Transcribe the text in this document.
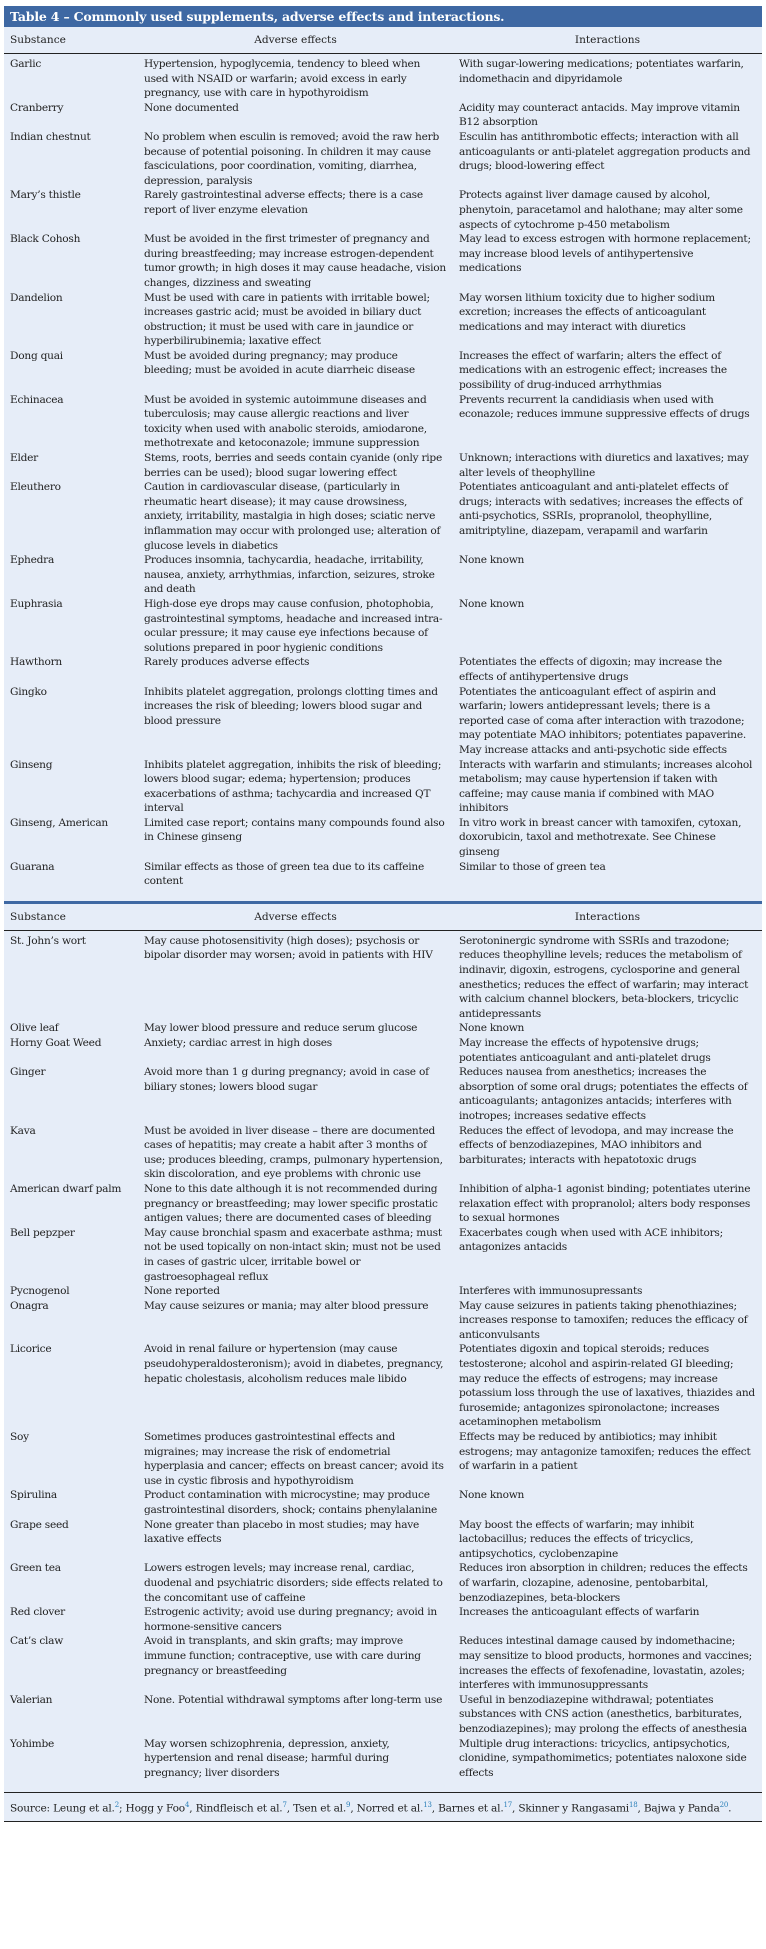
Table 4 – Commonly used supplements, adverse effects and interactions.
Substance	Adverse effects	Interactions
Garlic	Hypertension, hypoglycemia, tendency to bleed when used with NSAID or warfarin; avoid excess in early pregnancy, use with care in hypothyroidism	With sugar-lowering medications; potentiates warfarin, indomethacin and dipyridamole
Cranberry	None documented	Acidity may counteract antacids. May improve vitamin B12 absorption
Indian chestnut	No problem when esculin is removed; avoid the raw herb because of potential poisoning. In children it may cause fasciculations, poor coordination, vomiting, diarrhea, depression, paralysis	Esculin has antithrombotic effects; interaction with all anticoagulants or anti-platelet aggregation products and drugs; blood-lowering effect
Mary’s thistle	Rarely gastrointestinal adverse effects; there is a case report of liver enzyme elevation	Protects against liver damage caused by alcohol, phenytoin, paracetamol and halothane; may alter some aspects of cytochrome p-450 metabolism
Black Cohosh	Must be avoided in the first trimester of pregnancy and during breastfeeding; may increase estrogen-dependent tumor growth; in high doses it may cause headache, vision changes, dizziness and sweating	May lead to excess estrogen with hormone replacement; may increase blood levels of antihypertensive medications
Dandelion	Must be used with care in patients with irritable bowel; increases gastric acid; must be avoided in biliary duct obstruction; it must be used with care in jaundice or hyperbilirubinemia; laxative effect	May worsen lithium toxicity due to higher sodium excretion; increases the effects of anticoagulant medications and may interact with diuretics
Dong quai	Must be avoided during pregnancy; may produce bleeding; must be avoided in acute diarrheic disease	Increases the effect of warfarin; alters the effect of medications with an estrogenic effect; increases the possibility of drug-induced arrhythmias
Echinacea	Must be avoided in systemic autoimmune diseases and tuberculosis; may cause allergic reactions and liver toxicity when used with anabolic steroids, amiodarone, methotrexate and ketoconazole; immune suppression	Prevents recurrent la candidiasis when used with econazole; reduces immune suppressive effects of drugs
Elder	Stems, roots, berries and seeds contain cyanide (only ripe berries can be used); blood sugar lowering effect	Unknown; interactions with diuretics and laxatives; may alter levels of theophylline
Eleuthero	Caution in cardiovascular disease, (particularly in rheumatic heart disease); it may cause drowsiness, anxiety, irritability, mastalgia in high doses; sciatic nerve inflammation may occur with prolonged use; alteration of glucose levels in diabetics	Potentiates anticoagulant and anti-platelet effects of drugs; interacts with sedatives; increases the effects of anti-psychotics, SSRIs, propranolol, theophylline, amitriptyline, diazepam, verapamil and warfarin
Ephedra	Produces insomnia, tachycardia, headache, irritability, nausea, anxiety, arrhythmias, infarction, seizures, stroke and death	None known
Euphrasia	High-dose eye drops may cause confusion, photophobia, gastrointestinal symptoms, headache and increased intra-ocular pressure; it may cause eye infections because of solutions prepared in poor hygienic conditions	None known
Hawthorn	Rarely produces adverse effects	Potentiates the effects of digoxin; may increase the effects of antihypertensive drugs
Gingko	Inhibits platelet aggregation, prolongs clotting times and increases the risk of bleeding; lowers blood sugar and blood pressure	Potentiates the anticoagulant effect of aspirin and warfarin; lowers antidepressant levels; there is a reported case of coma after interaction with trazodone; may potentiate MAO inhibitors; potentiates papaverine. May increase attacks and anti-psychotic side effects
Ginseng	Inhibits platelet aggregation, inhibits the risk of bleeding; lowers blood sugar; edema; hypertension; produces exacerbations of asthma; tachycardia and increased QT interval	Interacts with warfarin and stimulants; increases alcohol metabolism; may cause hypertension if taken with caffeine; may cause mania if combined with MAO inhibitors
Ginseng, American	Limited case report; contains many compounds found also in Chinese ginseng	In vitro work in breast cancer with tamoxifen, cytoxan, doxorubicin, taxol and methotrexate. See Chinese ginseng
Guarana	Similar effects as those of green tea due to its caffeine content	Similar to those of green tea
Substance	Adverse effects	Interactions
St. John’s wort	May cause photosensitivity (high doses); psychosis or bipolar disorder may worsen; avoid in patients with HIV	Serotoninergic syndrome with SSRIs and trazodone; reduces theophylline levels; reduces the metabolism of indinavir, digoxin, estrogens, cyclosporine and general anesthetics; reduces the effect of warfarin; may interact with calcium channel blockers, beta-blockers, tricyclic antidepressants
Olive leaf	May lower blood pressure and reduce serum glucose	None known
Horny Goat Weed	Anxiety; cardiac arrest in high doses	May increase the effects of hypotensive drugs; potentiates anticoagulant and anti-platelet drugs
Ginger	Avoid more than 1 g during pregnancy; avoid in case of biliary stones; lowers blood sugar	Reduces nausea from anesthetics; increases the absorption of some oral drugs; potentiates the effects of anticoagulants; antagonizes antacids; interferes with inotropes; increases sedative effects
Kava	Must be avoided in liver disease – there are documented cases of hepatitis; may create a habit after 3 months of use; produces bleeding, cramps, pulmonary hypertension, skin discoloration, and eye problems with chronic use	Reduces the effect of levodopa, and may increase the effects of benzodiazepines, MAO inhibitors and barbiturates; interacts with hepatotoxic drugs
American dwarf palm	None to this date although it is not recommended during pregnancy or breastfeeding; may lower specific prostatic antigen values; there are documented cases of bleeding	Inhibition of alpha-1 agonist binding; potentiates uterine relaxation effect with propranolol; alters body responses to sexual hormones
Bell pepzper	May cause bronchial spasm and exacerbate asthma; must not be used topically on non-intact skin; must not be used in cases of gastric ulcer, irritable bowel or gastroesophageal reflux	Exacerbates cough when used with ACE inhibitors; antagonizes antacids
Pycnogenol	None reported	Interferes with immunosupressants
Onagra	May cause seizures or mania; may alter blood pressure	May cause seizures in patients taking phenothiazines; increases response to tamoxifen; reduces the efficacy of anticonvulsants
Licorice	Avoid in renal failure or hypertension (may cause pseudohyperaldosteronism); avoid in diabetes, pregnancy, hepatic cholestasis, alcoholism reduces male libido	Potentiates digoxin and topical steroids; reduces testosterone; alcohol and aspirin-related GI bleeding; may reduce the effects of estrogens; may increase potassium loss through the use of laxatives, thiazides and furosemide; antagonizes spironolactone; increases acetaminophen metabolism
Soy	Sometimes produces gastrointestinal effects and migraines; may increase the risk of endometrial hyperplasia and cancer; effects on breast cancer; avoid its use in cystic fibrosis and hypothyroidism	Effects may be reduced by antibiotics; may inhibit estrogens; may antagonize tamoxifen; reduces the effect of warfarin in a patient
Spirulina	Product contamination with microcystine; may produce gastrointestinal disorders, shock; contains phenylalanine	None known
Grape seed	None greater than placebo in most studies; may have laxative effects	May boost the effects of warfarin; may inhibit lactobacillus; reduces the effects of tricyclics, antipsychotics, cyclobenzapine
Green tea	Lowers estrogen levels; may increase renal, cardiac, duodenal and psychiatric disorders; side effects related to the concomitant use of caffeine	Reduces iron absorption in children; reduces the effects of warfarin, clozapine, adenosine, pentobarbital, benzodiazepines, beta-blockers
Red clover	Estrogenic activity; avoid use during pregnancy; avoid in hormone-sensitive cancers	Increases the anticoagulant effects of warfarin
Cat’s claw	Avoid in transplants, and skin grafts; may improve immune function; contraceptive, use with care during pregnancy or breastfeeding	Reduces intestinal damage caused by indomethacine; may sensitize to blood products, hormones and vaccines; increases the effects of fexofenadine, lovastatin, azoles; interferes with immunosuppressants
Valerian	None. Potential withdrawal symptoms after long-term use	Useful in benzodiazepine withdrawal; potentiates substances with CNS action (anesthetics, barbiturates, benzodiazepines); may prolong the effects of anesthesia
Yohimbe	May worsen schizophrenia, depression, anxiety, hypertension and renal disease; harmful during pregnancy; liver disorders	Multiple drug interactions: tricyclics, antipsychotics, clonidine, sympathomimetics; potentiates naloxone side effects
Source: Leung et al.$^2$; Hogg y Foo$^4$, Rindfleisch et al.$^7$, Tsen et al.$^9$, Norred et al.$^{13}$, Barnes et al.$^{17}$, Skinner y Rangasami$^{18}$, Bajwa y Panda$^{20}$.
